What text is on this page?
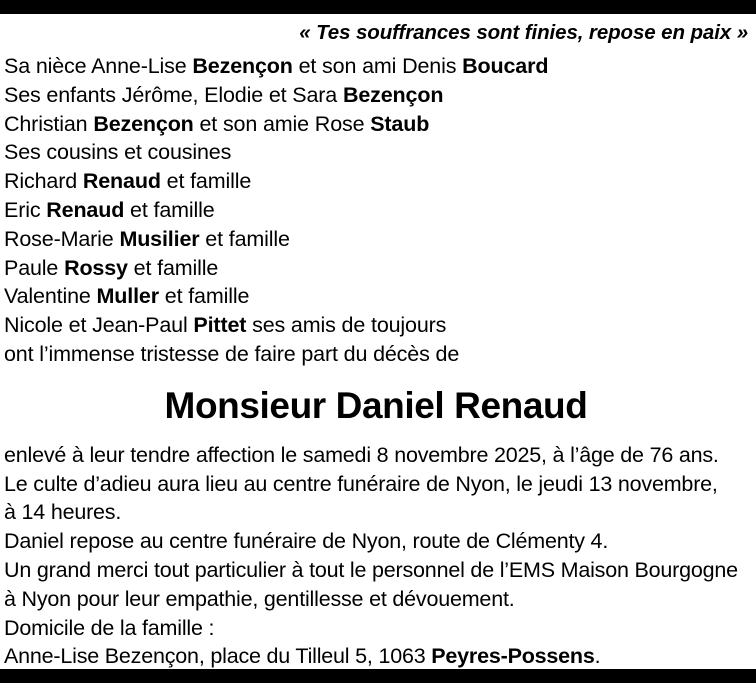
« Tes souffrances sont finies, repose en paix »

Sa nièce Anne-Lise Bezençon et son ami Denis Boucard
Ses enfants Jérôme, Elodie et Sara Bezençon
Christian Bezençon et son amie Rose Staub
Ses cousins et cousines
Richard Renaud et famille
Eric Renaud et famille
Rose-Marie Musilier et famille
Paule Rossy et famille
Valentine Muller et famille
Nicole et Jean-Paul Pittet ses amis de toujours
ont l’immense tristesse de faire part du décès de
Monsieur Daniel Renaud
enlevé à leur tendre affection le samedi 8 novembre 2025, à l’âge de 76 ans.
Le culte d’adieu aura lieu au centre funéraire de Nyon, le jeudi 13 novembre,
à 14 heures.
Daniel repose au centre funéraire de Nyon, route de Clémenty 4.
Un grand merci tout particulier à tout le personnel de l’EMS Maison Bourgogne
à Nyon pour leur empathie, gentillesse et dévouement.
Domicile de la famille :
Anne-Lise Bezençon, place du Tilleul 5, 1063 Peyres-Possens.
